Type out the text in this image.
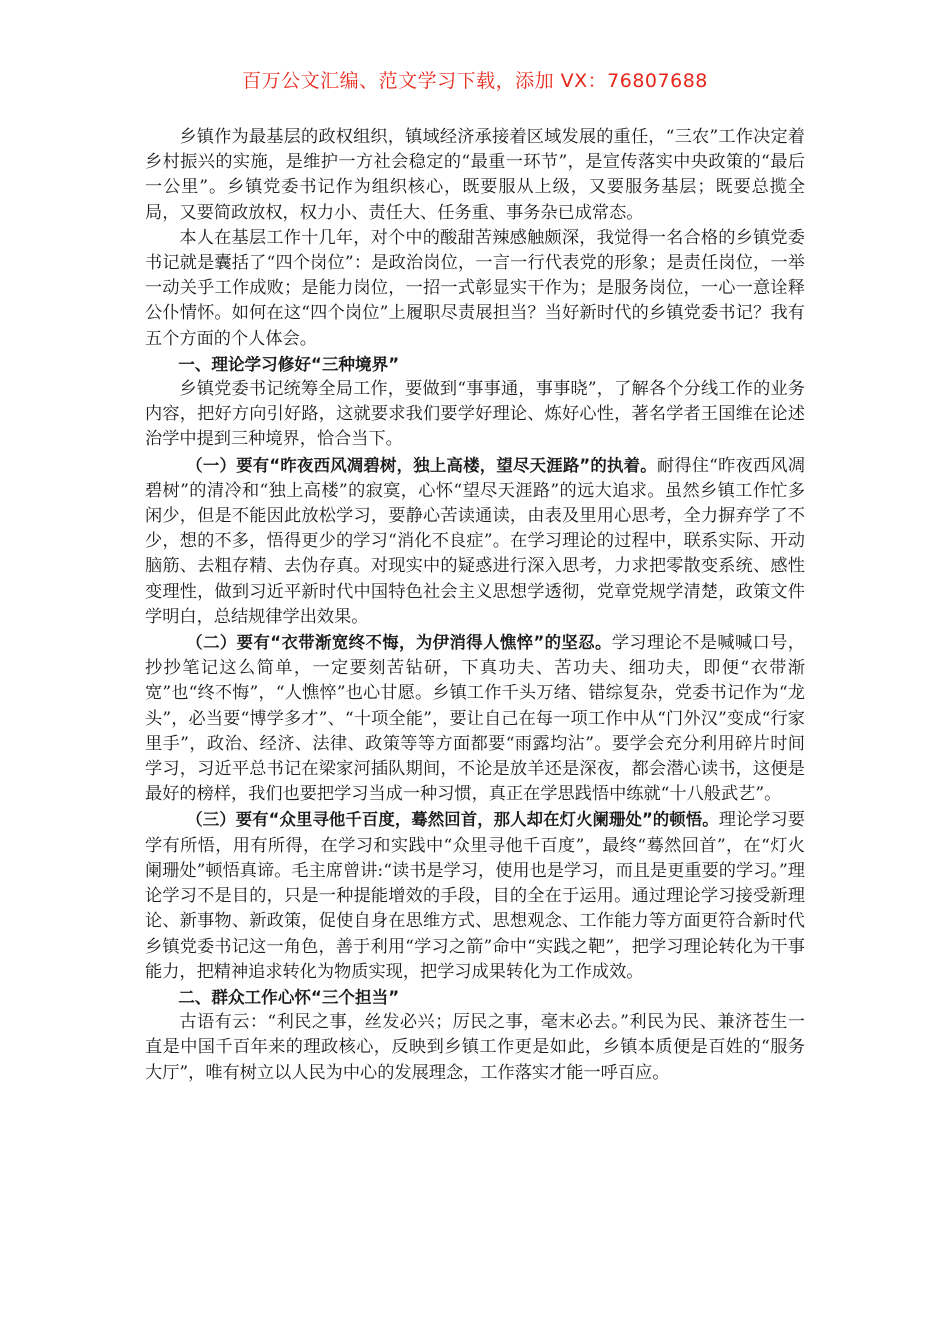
百万公文汇编、范文学习下载，添加 VX：76807688

乡镇作为最基层的政权组织，镇域经济承接着区域发展的重任，“三农”工作决定着乡村振兴的实施，是维护一方社会稳定的“最重一环节”，是宣传落实中央政策的“最后一公里”。乡镇党委书记作为组织核心，既要服从上级，又要服务基层；既要总揽全局，又要简政放权，权力小、责任大、任务重、事务杂已成常态。

本人在基层工作十几年，对个中的酸甜苦辣感触颇深，我觉得一名合格的乡镇党委书记就是囊括了“四个岗位”：是政治岗位，一言一行代表党的形象；是责任岗位，一举一动关乎工作成败；是能力岗位，一招一式彰显实干作为；是服务岗位，一心一意诠释公仆情怀。如何在这“四个岗位”上履职尽责展担当？当好新时代的乡镇党委书记？我有五个方面的个人体会。

一、理论学习修好“三种境界”

乡镇党委书记统筹全局工作，要做到“事事通，事事晓”，了解各个分线工作的业务内容，把好方向引好路，这就要求我们要学好理论、炼好心性，著名学者王国维在论述治学中提到三种境界，恰合当下。

（一）要有“昨夜西风凋碧树，独上高楼，望尽天涯路”的执着。耐得住“昨夜西风凋碧树”的清冷和“独上高楼”的寂寞，心怀“望尽天涯路”的远大追求。虽然乡镇工作忙多闲少，但是不能因此放松学习，要静心苦读通读，由表及里用心思考，全力摒弃学了不少，想的不多，悟得更少的学习“消化不良症”。在学习理论的过程中，联系实际、开动脑筋、去粗存精、去伪存真。对现实中的疑惑进行深入思考，力求把零散变系统、感性变理性，做到习近平新时代中国特色社会主义思想学透彻，党章党规学清楚，政策文件学明白，总结规律学出效果。

（二）要有“衣带渐宽终不悔，为伊消得人憔悴”的坚忍。学习理论不是喊喊口号，抄抄笔记这么简单，一定要刻苦钻研，下真功夫、苦功夫、细功夫，即便“衣带渐宽”也“终不悔”，“人憔悴”也心甘愿。乡镇工作千头万绪、错综复杂，党委书记作为“龙头”，必当要“博学多才”、“十项全能”，要让自己在每一项工作中从“门外汉”变成“行家里手”，政治、经济、法律、政策等等方面都要“雨露均沾”。要学会充分利用碎片时间学习，习近平总书记在梁家河插队期间，不论是放羊还是深夜，都会潜心读书，这便是最好的榜样，我们也要把学习当成一种习惯，真正在学思践悟中练就“十八般武艺”。

（三）要有“众里寻他千百度，蓦然回首，那人却在灯火阑珊处”的顿悟。理论学习要学有所悟，用有所得，在学习和实践中“众里寻他千百度”，最终“蓦然回首”，在“灯火阑珊处”顿悟真谛。毛主席曾讲:“读书是学习，使用也是学习，而且是更重要的学习。”理论学习不是目的，只是一种提能增效的手段，目的全在于运用。通过理论学习接受新理论、新事物、新政策，促使自身在思维方式、思想观念、工作能力等方面更符合新时代乡镇党委书记这一角色，善于利用“学习之箭”命中“实践之靶”，把学习理论转化为干事能力，把精神追求转化为物质实现，把学习成果转化为工作成效。

二、群众工作心怀“三个担当”

古语有云：“利民之事，丝发必兴；厉民之事，毫末必去。”利民为民、兼济苍生一直是中国千百年来的理政核心，反映到乡镇工作更是如此，乡镇本质便是百姓的“服务大厅”，唯有树立以人民为中心的发展理念，工作落实才能一呼百应。
